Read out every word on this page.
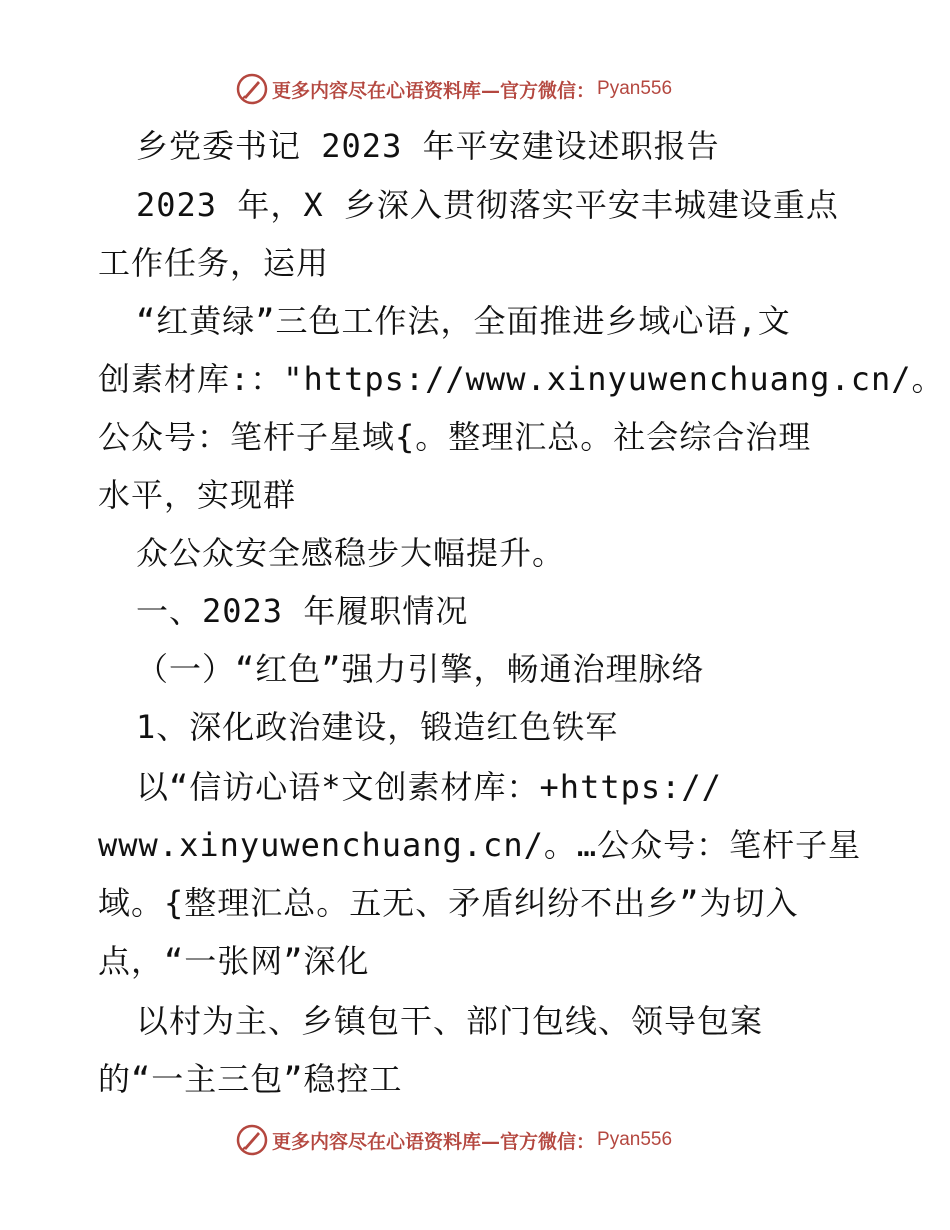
更多内容尽在心语资料库—官方微信： Pyan556
乡党委书记 2023 年平安建设述职报告
2023 年，X 乡深入贯彻落实平安丰城建设重点
工作任务，运用
“红黄绿”三色工作法，全面推进乡域心语,文
创素材库:："https://www.xinyuwenchuang.cn/。
公众号：笔杆子星域{。整理汇总。社会综合治理
水平，实现群
众公众安全感稳步大幅提升。
一、2023 年履职情况
（一）“红色”强力引擎，畅通治理脉络
1、深化政治建设，锻造红色铁军
以“信访心语*文创素材库：+https://
www.xinyuwenchuang.cn/。…公众号：笔杆子星
域。{整理汇总。五无、矛盾纠纷不出乡”为切入
点，“一张网”深化
以村为主、乡镇包干、部门包线、领导包案
的“一主三包”稳控工
更多内容尽在心语资料库—官方微信： Pyan556
